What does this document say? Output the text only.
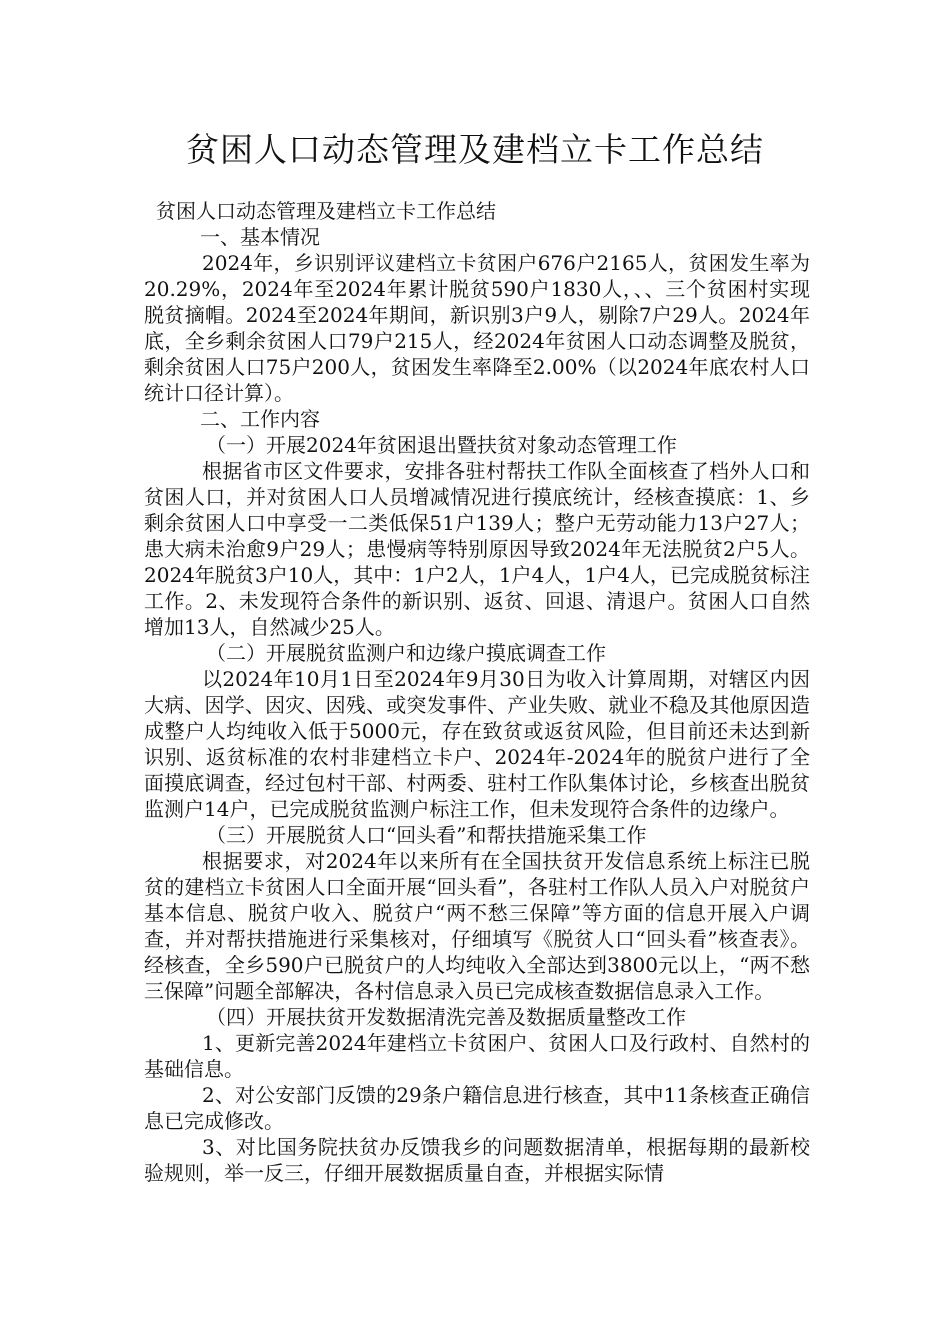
贫困人口动态管理及建档立卡工作总结

贫困人口动态管理及建档立卡工作总结

一、基本情况

2024年，乡识别评议建档立卡贫困户676户2165人，贫困发生率为20.29%，2024年至2024年累计脱贫590户1830人，、、三个贫困村实现脱贫摘帽。2024至2024年期间，新识别3户9人，剔除7户29人。2024年底，全乡剩余贫困人口79户215人，经2024年贫困人口动态调整及脱贫，剩余贫困人口75户200人，贫困发生率降至2.00%（以2024年底农村人口统计口径计算）。

二、工作内容

（一）开展2024年贫困退出暨扶贫对象动态管理工作

根据省市区文件要求，安排各驻村帮扶工作队全面核查了档外人口和贫困人口，并对贫困人口人员增减情况进行摸底统计，经核查摸底：1、乡剩余贫困人口中享受一二类低保51户139人；整户无劳动能力13户27人；患大病未治愈9户29人；患慢病等特别原因导致2024年无法脱贫2户5人。2024年脱贫3户10人，其中：1户2人，1户4人，1户4人，已完成脱贫标注工作。2、未发现符合条件的新识别、返贫、回退、清退户。贫困人口自然增加13人，自然减少25人。

（二）开展脱贫监测户和边缘户摸底调查工作

以2024年10月1日至2024年9月30日为收入计算周期，对辖区内因大病、因学、因灾、因残、或突发事件、产业失败、就业不稳及其他原因造成整户人均纯收入低于5000元，存在致贫或返贫风险，但目前还未达到新识别、返贫标准的农村非建档立卡户、2024年-2024年的脱贫户进行了全面摸底调查，经过包村干部、村两委、驻村工作队集体讨论，乡核查出脱贫监测户14户，已完成脱贫监测户标注工作，但未发现符合条件的边缘户。

（三）开展脱贫人口“回头看”和帮扶措施采集工作

根据要求，对2024年以来所有在全国扶贫开发信息系统上标注已脱贫的建档立卡贫困人口全面开展“回头看”，各驻村工作队人员入户对脱贫户基本信息、脱贫户收入、脱贫户“两不愁三保障”等方面的信息开展入户调查，并对帮扶措施进行采集核对，仔细填写《脱贫人口“回头看”核查表》。经核查，全乡590户已脱贫户的人均纯收入全部达到3800元以上，“两不愁三保障”问题全部解决，各村信息录入员已完成核查数据信息录入工作。

（四）开展扶贫开发数据清洗完善及数据质量整改工作

1、更新完善2024年建档立卡贫困户、贫困人口及行政村、自然村的基础信息。

2、对公安部门反馈的29条户籍信息进行核查，其中11条核查正确信息已完成修改。

3、对比国务院扶贫办反馈我乡的问题数据清单，根据每期的最新校验规则，举一反三，仔细开展数据质量自查，并根据实际情
